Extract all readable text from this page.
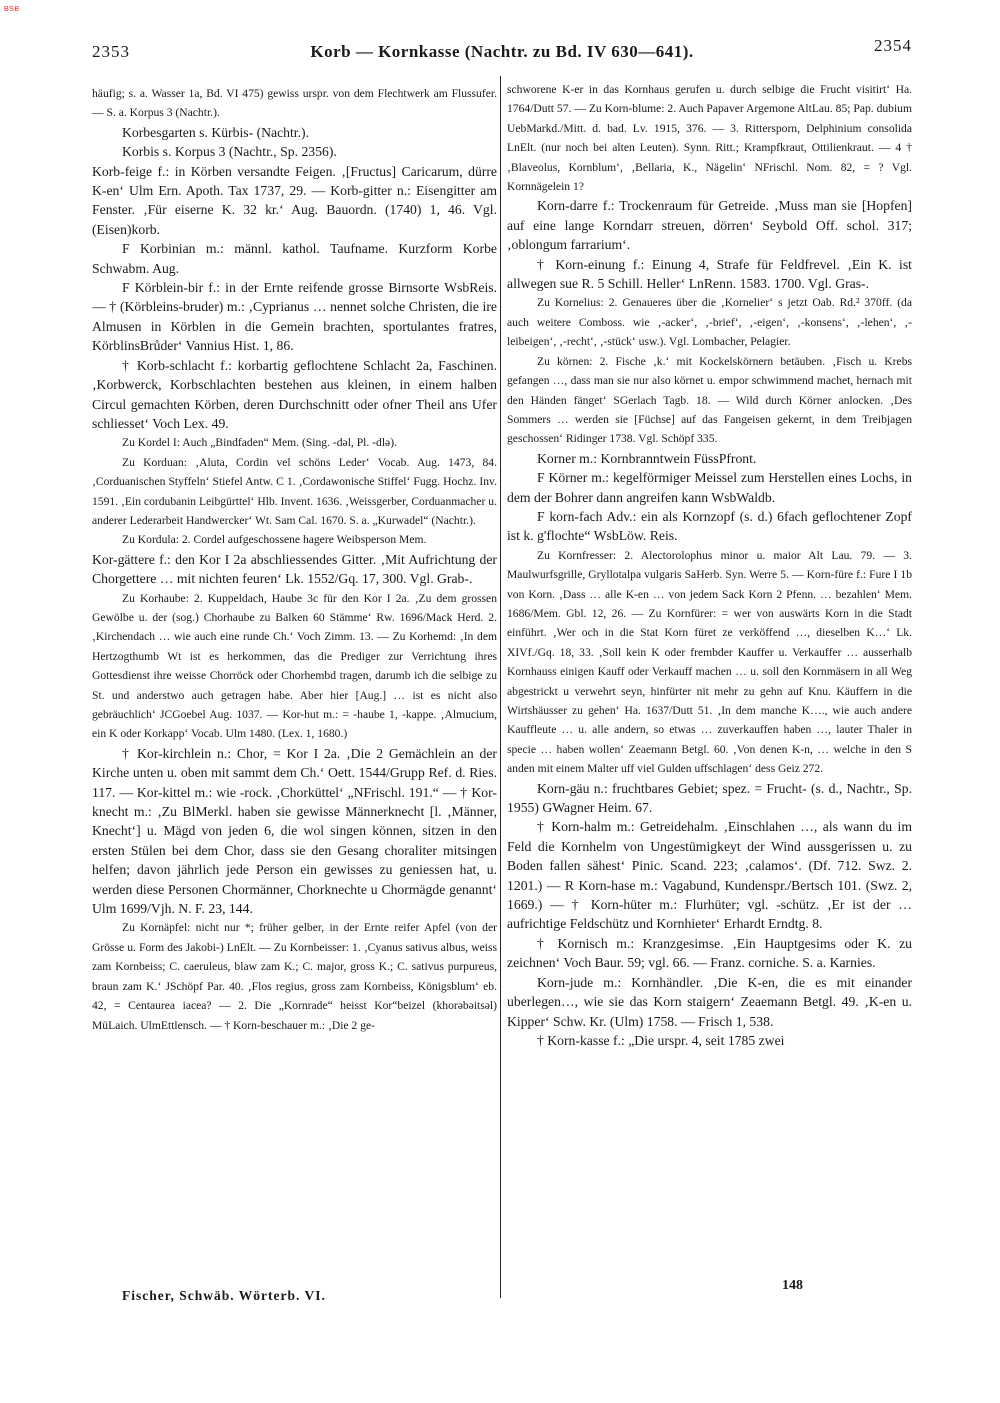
BSB
2353	Korb — Kornkasse (Nachtr. zu Bd. IV 630—641).	2354

häufig; s. a. Wasser 1a, Bd. VI 475) gewiss urspr. von dem Flechtwerk am Flussufer. — S. a. Korpus 3 (Nachtr.).

Korbesgarten s. Kürbis- (Nachtr.).

Korbis s. Korpus 3 (Nachtr., Sp. 2356).

Korb-feige f.: in Körben versandte Feigen. ‚[Fructus] Caricarum, dürre K-en‘ Ulm Ern. Apoth. Tax 1737, 29. — Korb-gitter n.: Eisengitter am Fenster. ‚Für eiserne K. 32 kr.‘ Aug. Bauordn. (1740) 1, 46. Vgl. (Eisen)korb.

F Korbinian m.: männl. kathol. Taufname. Kurzform Korbe Schwabm. Aug.

F Körblein-bir f.: in der Ernte reifende grosse Birnsorte WsbReis. — † (Körbleins-bruder) m.: ‚Cyprianus … nennet solche Christen, die ire Almusen in Körblen in die Gemein brachten, sportulantes fratres, KörblinsBrůder‘ Vannius Hist. 1, 86.

† Korb-schlacht f.: korbartig geflochtene Schlacht 2a, Faschinen. ‚Korbwerck, Korbschlachten bestehen aus kleinen, in einem halben Circul gemachten Körben, deren Durchschnitt oder ofner Theil ans Ufer schliesset‘ Voch Lex. 49.

Zu Kordel I: Auch „Bindfaden“ Mem. (Sing. -dəl, Pl. -dlə).

Zu Korduan: ‚Aluta, Cordin vel schöns Leder‘ Vocab. Aug. 1473, 84. ‚Corduanischen Styffeln‘ Stiefel Antw. C 1. ‚Cordawonische Stiffel‘ Fugg. Hochz. Inv. 1591. ‚Ein cordubanin Leibgürttel‘ Hlb. Invent. 1636. ‚Weissgerber, Corduanmacher u. anderer Lederarbeit Handwercker‘ Wt. Sam Cal. 1670. S. a. „Kurwadel“ (Nachtr.).

Zu Kordula: 2. Cordel aufgeschossene hagere Weibsperson Mem.

Kor-gättere f.: den Kor I 2a abschliessendes Gitter. ‚Mit Aufrichtung der Chorgettere … mit nichten feuren‘ Lk. 1552/Gq. 17, 300. Vgl. Grab-.

Zu Korhaube: 2. Kuppeldach, Haube 3c für den Kor I 2a. ‚Zu dem grossen Gewölbe u. der (sog.) Chorhaube zu Balken 60 Stämme‘ Rw. 1696/Mack Herd. 2. ‚Kirchendach … wie auch eine runde Ch.‘ Voch Zimm. 13. — Zu Korhemd: ‚In dem Hertzogthumb Wt ist es herkommen, das die Prediger zur Verrichtung ihres Gottesdienst ihre weisse Chorröck oder Chorhembd tragen, darumb ich die selbige zu St. und anderstwo auch getragen habe. Aber hier [Aug.] … ist es nicht also gebräuchlich‘ JCGoebel Aug. 1037. — Kor-hut m.: = -haube 1, -kappe. ‚Almucium, ein K oder Korkapp‘ Vocab. Ulm 1480. (Lex. 1, 1680.)

† Kor-kirchlein n.: Chor, = Kor I 2a. ‚Die 2 Gemächlein an der Kirche unten u. oben mit sammt dem Ch.‘ Oett. 1544/Grupp Ref. d. Ries. 117. — Kor-kittel m.: wie -rock. ‚Chorküttel‘ „NFrischl. 191.“ — † Kor-knecht m.: ‚Zu BlMerkl. haben sie gewisse Männerknecht [l. ‚Männer, Knecht‘] u. Mägd von jeden 6, die wol singen können, sitzen in den ersten Stülen bei dem Chor, dass sie den Gesang choraliter mitsingen helfen; davon jährlich jede Person ein gewisses zu geniessen hat, u. werden diese Personen Chormänner, Chorknechte u Chormägde genannt‘ Ulm 1699/Vjh. N. F. 23, 144.

Zu Kornäpfel: nicht nur *; früher gelber, in der Ernte reifer Apfel (von der Grösse u. Form des Jakobi-) LnElt. — Zu Kornbeisser: 1. ‚Cyanus sativus albus, weiss zam Kornbeiss; C. caeruleus, blaw zam K.; C. major, gross K.; C. sativus purpureus, braun zam K.‘ JSchöpf Par. 40. ‚Flos regius, gross zam Kornbeiss, Königsblum‘ eb. 42, = Centaurea iacea? — 2. Die „Kornrade“ heisst Kor“beizel (khorəbəitsəl) MüLaich. UlmEttlensch. — † Korn-beschauer m.: ‚Die 2 ge-

schworene K-er in das Kornhaus gerufen u. durch selbige die Frucht visitirt‘ Ha. 1764/Dutt 57. — Zu Korn-blume: 2. Auch Papaver Argemone AltLau. 85; Pap. dubium UebMarkd./Mitt. d. bad. Lv. 1915, 376. — 3. Rittersporn, Delphinium consolida LnElt. (nur noch bei alten Leuten). Synn. Ritt.; Krampfkraut, Ottilienkraut. — 4 † ‚Blaveolus, Kornblum‘, ‚Bellaria, K., Nägelin‘ NFrischl. Nom. 82, = ? Vgl. Kornnägelein 1?

Korn-darre f.: Trockenraum für Getreide. ‚Muss man sie [Hopfen] auf eine lange Korndarr streuen, dörren‘ Seybold Off. schol. 317; ‚oblongum farrarium‘.

† Korn-einung f.: Einung 4, Strafe für Feldfrevel. ‚Ein K. ist allwegen sue R. 5 Schill. Heller‘ LnRenn. 1583. 1700. Vgl. Gras-.

Zu Kornelius: 2. Genaueres über die ‚Kornelier‘ s jetzt Oab. Rd.² 370ff. (da auch weitere Comboss. wie ‚-acker‘, ‚-brief‘, ‚-eigen‘, ‚-konsens‘, ‚-lehen‘, ‚-leibeigen‘, ‚-recht‘, ‚-stück‘ usw.). Vgl. Lombacher, Pelagier.

Zu körnen: 2. Fische ‚k.‘ mit Kockelskörnern betäuben. ‚Fisch u. Krebs gefangen …, dass man sie nur also körnet u. empor schwimmend machet, hernach mit den Händen fänget‘ SGerlach Tagb. 18. — Wild durch Körner anlocken. ‚Des Sommers … werden sie [Füchse] auf das Fangeisen gekernt, in dem Treibjagen geschossen‘ Ridinger 1738. Vgl. Schöpf 335.

Korner m.: Kornbranntwein FüssPfront.

F Körner m.: kegelförmiger Meissel zum Herstellen eines Lochs, in dem der Bohrer dann angreifen kann WsbWaldb.

F korn-fach Adv.: ein als Kornzopf (s. d.) 6fach geflochtener Zopf ist k. g'flochte“ WsbLöw. Reis.

Zu Kornfresser: 2. Alectorolophus minor u. maior Alt Lau. 79. — 3. Maulwurfsgrille, Gryllotalpa vulgaris SaHerb. Syn. Werre 5. — Korn-füre f.: Fure I 1b von Korn. ‚Dass … alle K-en … von jedem Sack Korn 2 Pfenn. … bezahlen‘ Mem. 1686/Mem. Gbl. 12, 26. — Zu Kornfürer: = wer von auswärts Korn in die Stadt einführt. ‚Wer och in die Stat Korn füret ze verköffend …, dieselben K…‘ Lk. XIVf./Gq. 18, 33. ‚Soll kein K oder frembder Kauffer u. Verkauffer … ausserhalb Kornhauss einigen Kauff oder Verkauff machen … u. soll den Kornmäsern in all Weg abgestrickt u verwehrt seyn, hinfürter nit mehr zu gehn auf Knu. Käuffern in die Wirtshäusser zu gehen‘ Ha. 1637/Dutt 51. ‚In dem manche K…., wie auch andere Kauffleute … u. alle andern, so etwas … zuverkauffen haben …, lauter Thaler in specie … haben wollen‘ Zeaemann Betgl. 60. ‚Von denen K-n, … welche in den S anden mit einem Malter uff viel Gulden uffschlagen‘ dess Geiz 272.

Korn-gäu n.: fruchtbares Gebiet; spez. = Frucht- (s. d., Nachtr., Sp. 1955) GWagner Heim. 67.

† Korn-halm m.: Getreidehalm. ‚Einschlahen …, als wann du im Feld die Kornhelm von Ungestümigkeyt der Wind aussgerissen u. zu Boden fallen sähest‘ Pinic. Scand. 223; ‚calamos‘. (Df. 712. Swz. 2. 1201.) — R Korn-hase m.: Vagabund, Kundenspr./Bertsch 101. (Swz. 2, 1669.) — † Korn-hüter m.: Flurhüter; vgl. -schütz. ‚Er ist der … aufrichtige Feldschütz und Kornhieter‘ Erhardt Erndtg. 8.

† Kornisch m.: Kranzgesimse. ‚Ein Hauptgesims oder K. zu zeichnen‘ Voch Baur. 59; vgl. 66. — Franz. corniche. S. a. Karnies.

Korn-jude m.: Kornhändler. ‚Die K-en, die es mit einander uberlegen…, wie sie das Korn staigern‘ Zeaemann Betgl. 49. ‚K-en u. Kipper‘ Schw. Kr. (Ulm) 1758. — Frisch 1, 538.

† Korn-kasse f.: „Die urspr. 4, seit 1785 zwei

Fischer, Schwäb. Wörterb. VI.
148
